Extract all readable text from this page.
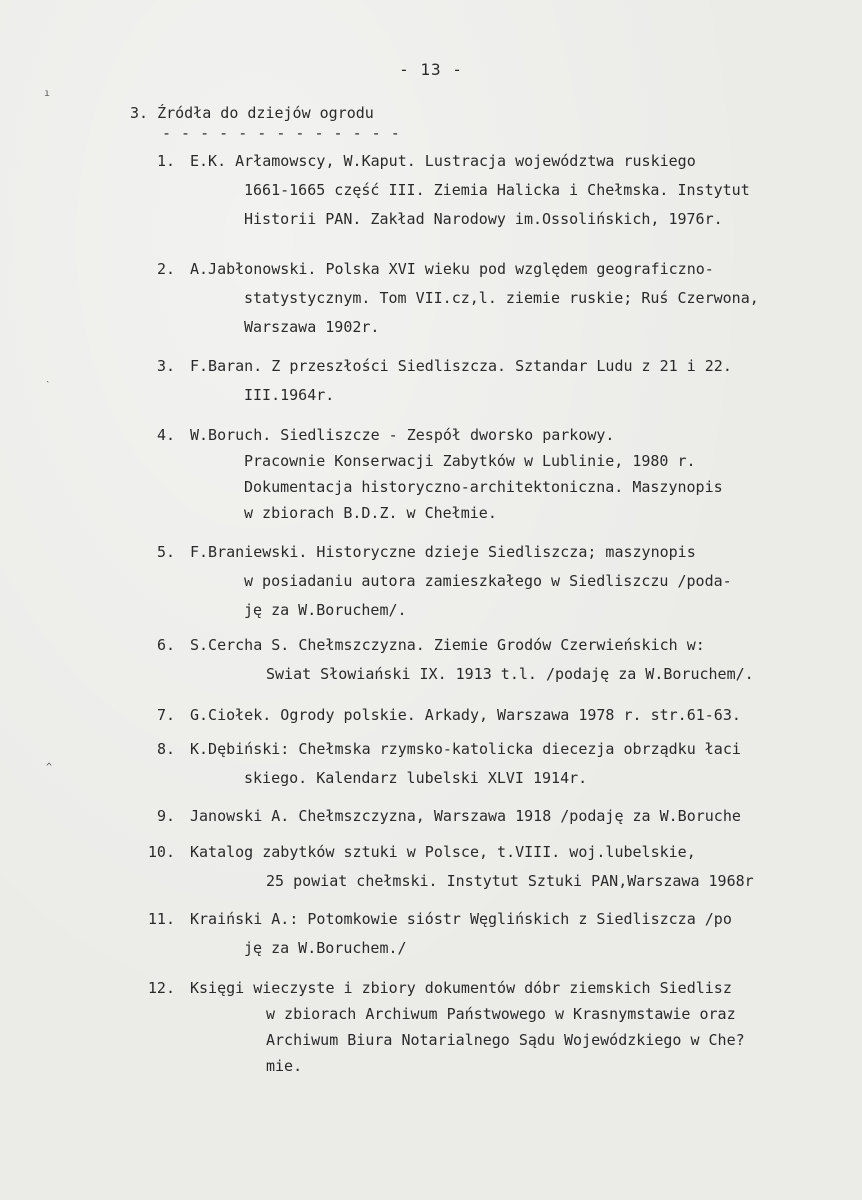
- 13 -
3. Źródła do dziejów ogrodu
- - - - - - - - - - - - -
1. E.K. Arłamowscy, W.Kaput. Lustracja województwa ruskiego
1661-1665 część III. Ziemia Halicka i Chełmska. Instytut
Historii PAN. Zakład Narodowy im.Ossolińskich, 1976r.
2. A.Jabłonowski. Polska XVI wieku pod względem geograficzno-
statystycznym. Tom VII.cz,l. ziemie ruskie; Ruś Czerwona,
Warszawa 1902r.
3. F.Baran. Z przeszłości Siedliszcza. Sztandar Ludu z 21 i 22.
III.1964r.
4. W.Boruch. Siedliszcze - Zespół dworsko parkowy.
Pracownie Konserwacji Zabytków w Lublinie, 1980 r.
Dokumentacja historyczno-architektoniczna. Maszynopis
w zbiorach B.D.Z. w Chełmie.
5. F.Braniewski. Historyczne dzieje Siedliszcza; maszynopis
w posiadaniu autora zamieszkałego w Siedliszczu /poda-
ję za W.Boruchem/.
6. S.Cercha S. Chełmszczyzna. Ziemie Grodów Czerwieńskich w:
Swiat Słowiański IX. 1913 t.l. /podaję za W.Boruchem/.
7. G.Ciołek. Ogrody polskie. Arkady, Warszawa 1978 r. str.61-63.
8. K.Dębiński: Chełmska rzymsko-katolicka diecezja obrządku łaci
skiego. Kalendarz lubelski XLVI 1914r.
9. Janowski A. Chełmszczyzna, Warszawa 1918 /podaję za W.Boruche
10. Katalog zabytków sztuki w Polsce, t.VIII. woj.lubelskie,
25 powiat chełmski. Instytut Sztuki PAN,Warszawa 1968r
11. Kraiński A.: Potomkowie sióstr Węglińskich z Siedliszcza /po
ję za W.Boruchem./
12. Księgi wieczyste i zbiory dokumentów dóbr ziemskich Siedlisz
w zbiorach Archiwum Państwowego w Krasnymstawie oraz
Archiwum Biura Notarialnego Sądu Wojewódzkiego w Che?
mie.
ı
˴
^
